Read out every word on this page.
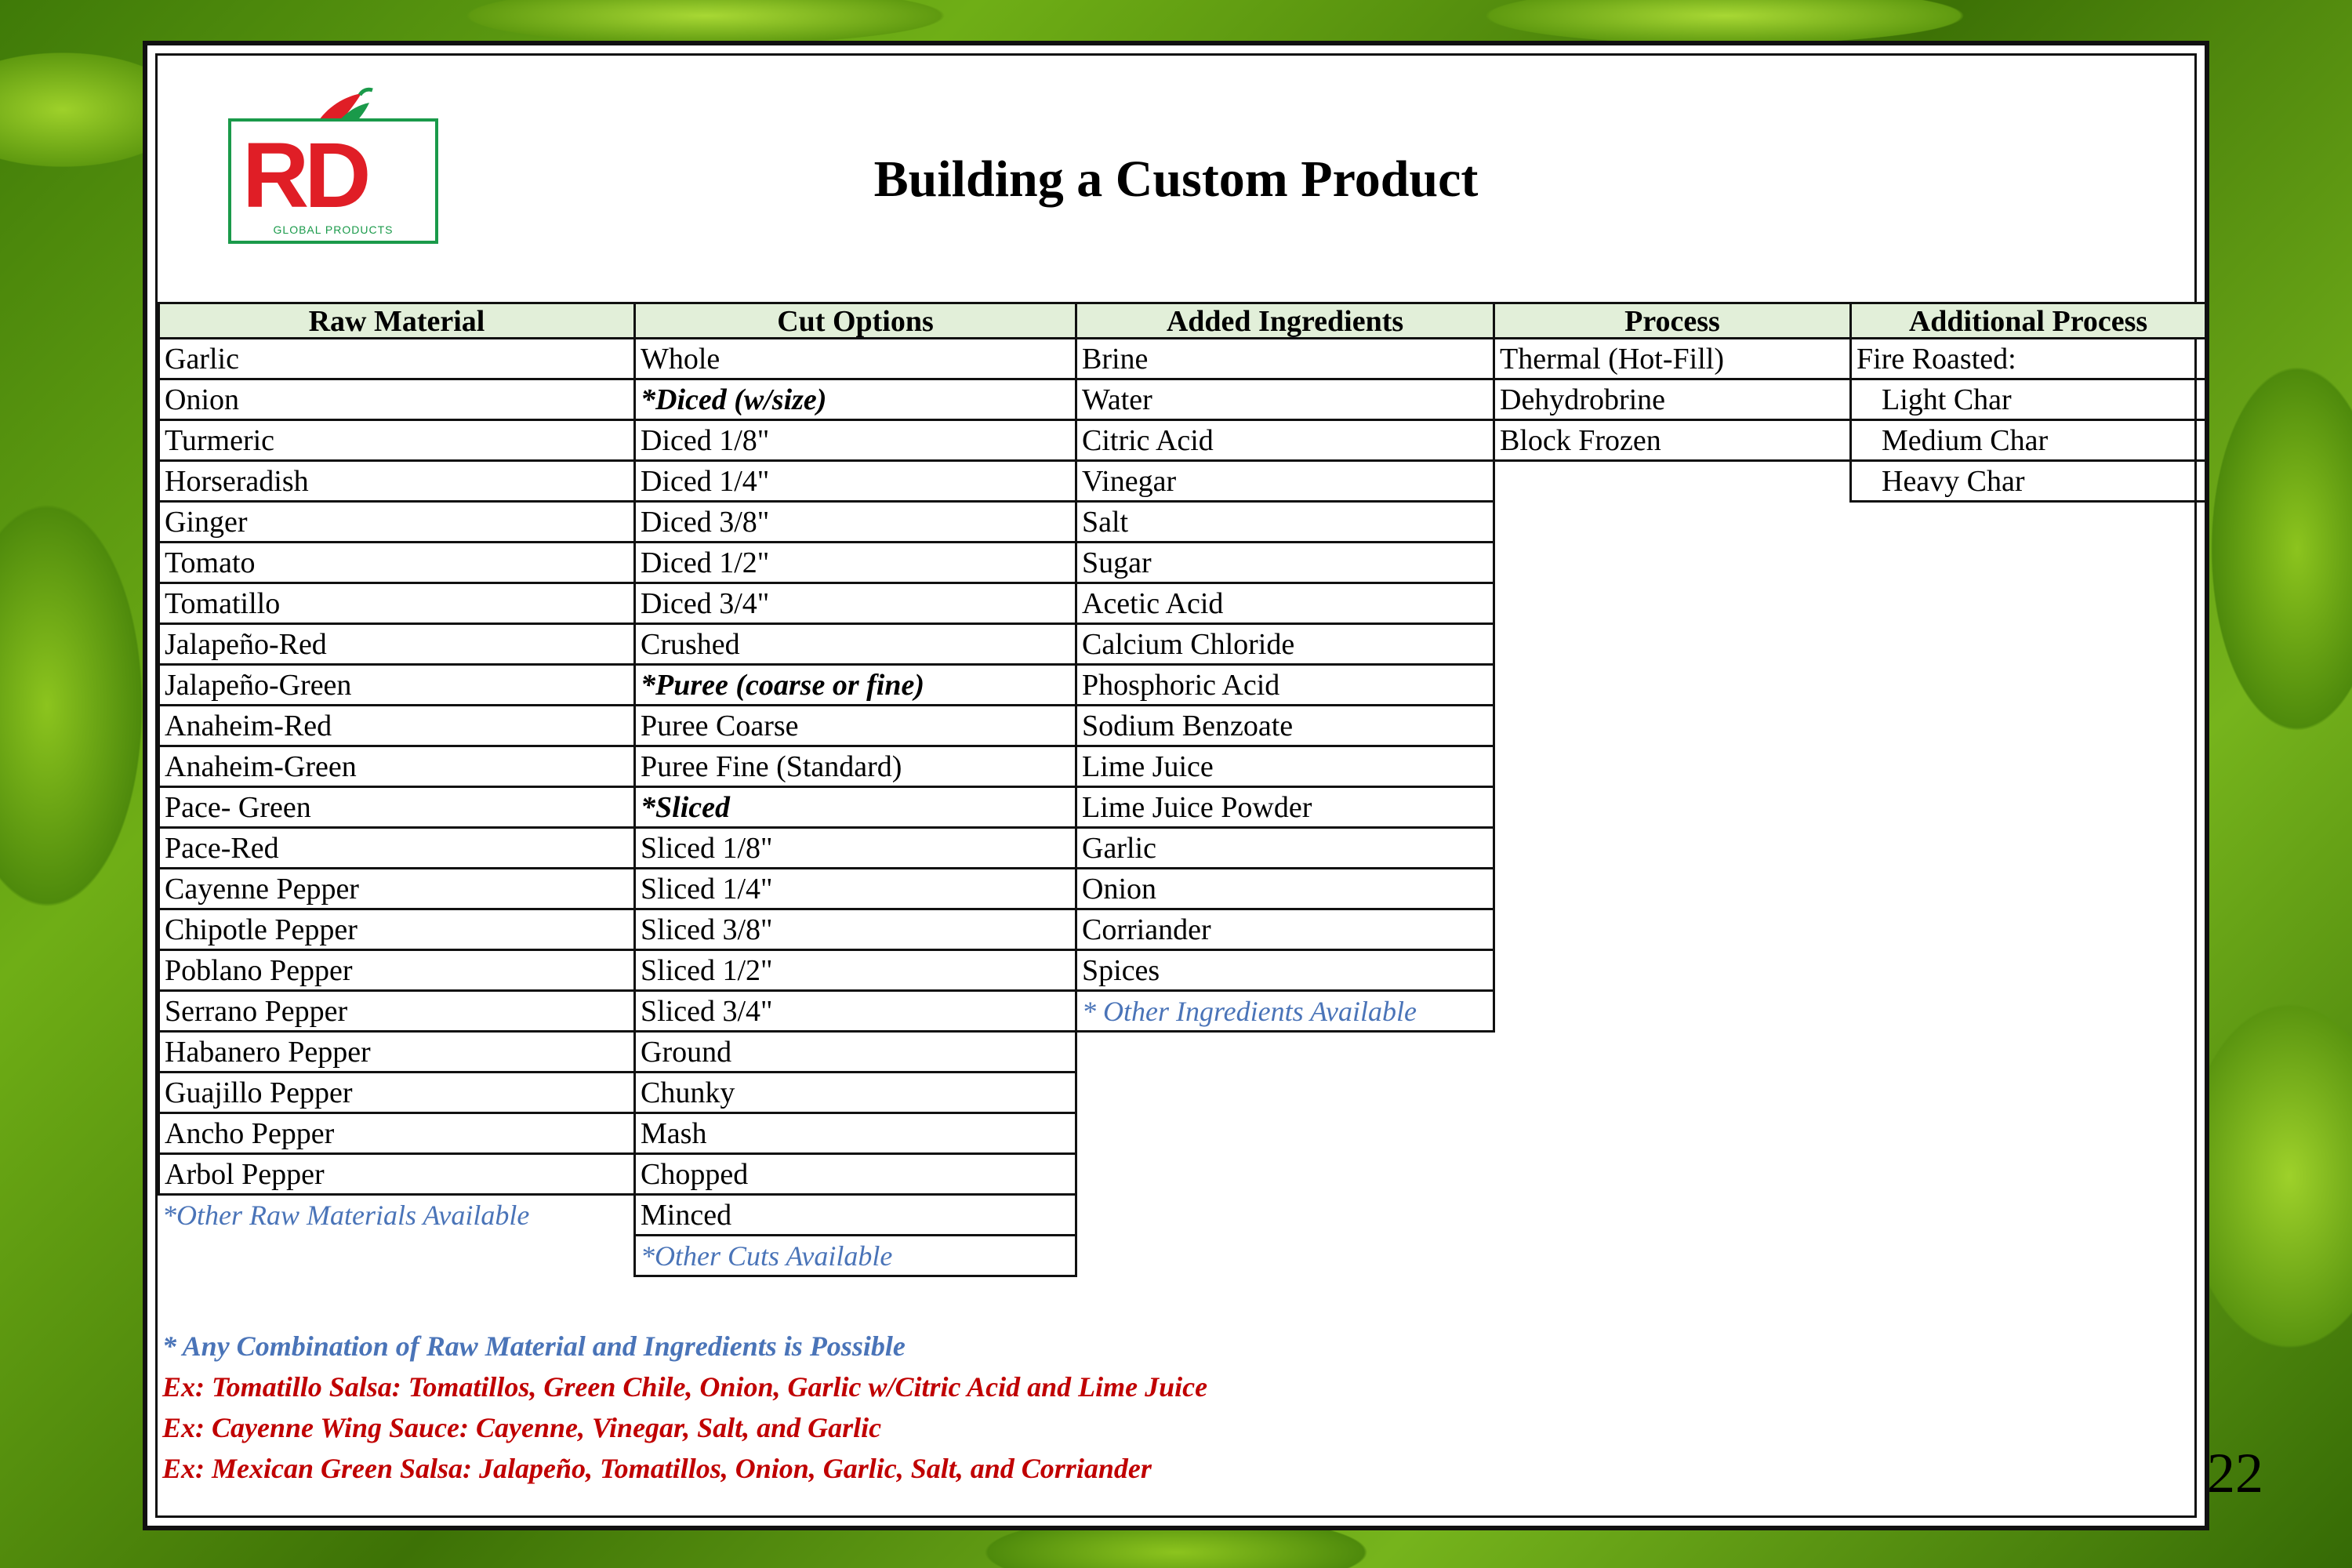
RD
GLOBAL PRODUCTS
Building a Custom Product
Raw Material
Garlic
Onion
Turmeric
Horseradish
Ginger
Tomato
Tomatillo
Jalapeño-Red
Jalapeño-Green
Anaheim-Red
Anaheim-Green
Pace- Green
Pace-Red
Cayenne Pepper
Chipotle Pepper
Poblano Pepper
Serrano Pepper
Habanero Pepper
Guajillo Pepper
Ancho Pepper
Arbol Pepper
*Other Raw Materials Available
Cut Options
Whole
*Diced (w/size)
Diced 1/8"
Diced 1/4"
Diced 3/8"
Diced 1/2"
Diced 3/4"
Crushed
*Puree (coarse or fine)
Puree Coarse
Puree Fine (Standard)
*Sliced
Sliced 1/8"
Sliced 1/4"
Sliced 3/8"
Sliced 1/2"
Sliced 3/4"
Ground
Chunky
Mash
Chopped
Minced
*Other Cuts Available
Added Ingredients
Brine
Water
Citric Acid
Vinegar
Salt
Sugar
Acetic Acid
Calcium Chloride
Phosphoric Acid
Sodium Benzoate
Lime Juice
Lime Juice Powder
Garlic
Onion
Corriander
Spices
* Other Ingredients Available
Process
Thermal (Hot-Fill)
Dehydrobrine
Block Frozen
Additional Process
Fire Roasted:
Light Char
Medium Char
Heavy Char

* Any Combination of Raw Material and Ingredients is Possible

Ex: Tomatillo Salsa: Tomatillos, Green Chile, Onion, Garlic w/Citric Acid and Lime Juice

Ex: Cayenne Wing Sauce: Cayenne, Vinegar, Salt, and Garlic

Ex: Mexican Green Salsa: Jalapeño, Tomatillos, Onion, Garlic, Salt, and Corriander	22
